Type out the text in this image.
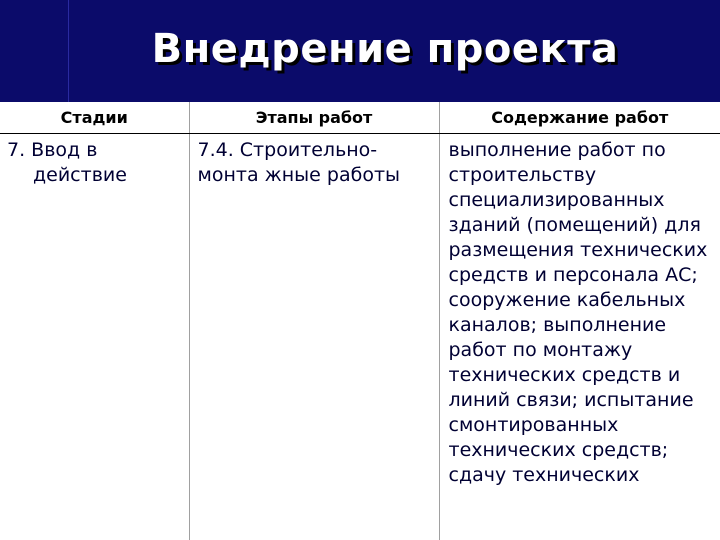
Внедрение проекта
Стадии	Этапы работ	Содержание работ

7. Ввод в действие	7.4. Строительно-монта жные работы	выполнение работ по строительству специализированных зданий (помещений) для размещения технических средств и персонала АС; сооружение кабельных каналов; выполнение работ по монтажу технических средств и линий связи; испытание смонтированных технических средств; сдачу технических
